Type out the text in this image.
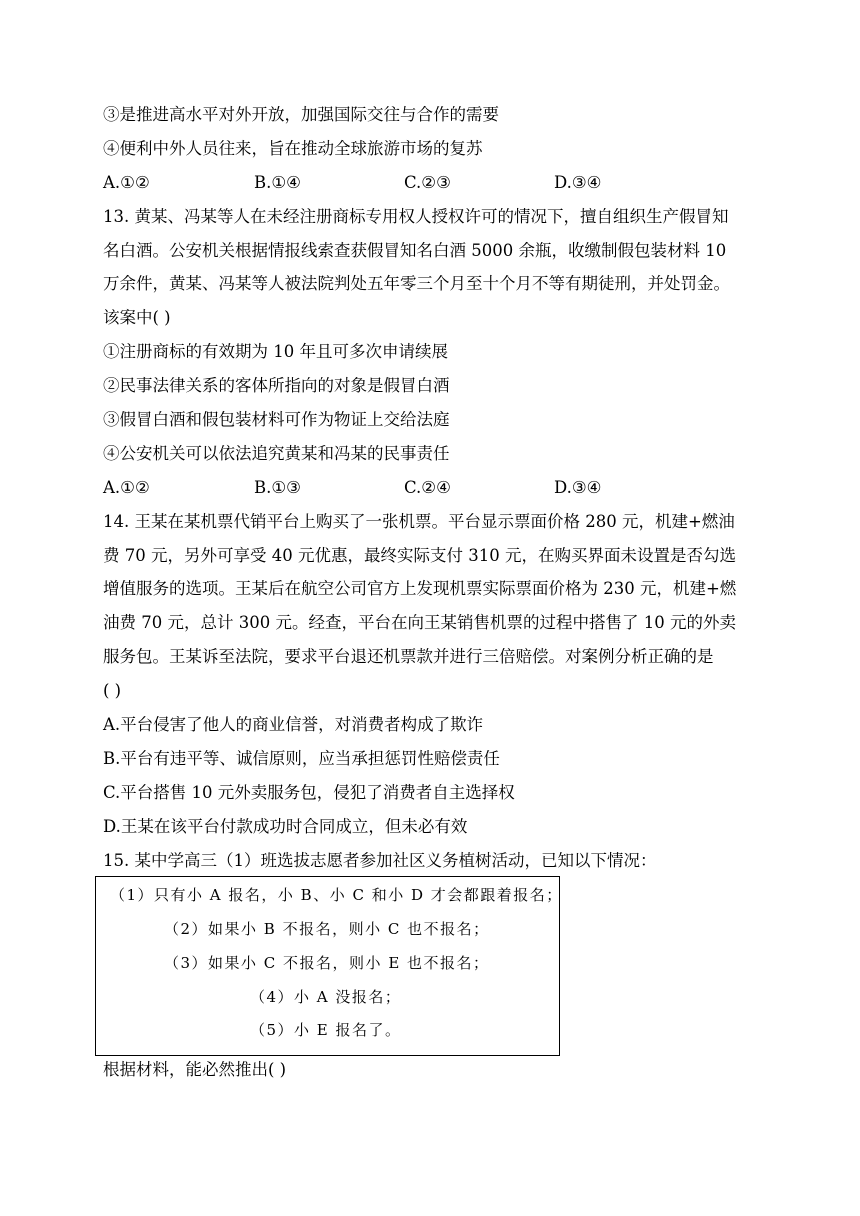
③是推进高水平对外开放，加强国际交往与合作的需要
④便利中外人员往来，旨在推动全球旅游市场的复苏
A.①②	B.①④	C.②③	D.③④
13. 黄某、冯某等人在未经注册商标专用权人授权许可的情况下，擅自组织生产假冒知
名白酒。公安机关根据情报线索查获假冒知名白酒 5000 余瓶，收缴制假包装材料 10
万余件，黄某、冯某等人被法院判处五年零三个月至十个月不等有期徒刑，并处罚金。
该案中( )
①注册商标的有效期为 10 年且可多次申请续展
②民事法律关系的客体所指向的对象是假冒白酒
③假冒白酒和假包装材料可作为物证上交给法庭
④公安机关可以依法追究黄某和冯某的民事责任
A.①②	B.①③	C.②④	D.③④
14. 王某在某机票代销平台上购买了一张机票。平台显示票面价格 280 元，机建+燃油
费 70 元，另外可享受 40 元优惠，最终实际支付 310 元，在购买界面未设置是否勾选
增值服务的选项。王某后在航空公司官方上发现机票实际票面价格为 230 元，机建+燃
油费 70 元，总计 300 元。经查，平台在向王某销售机票的过程中搭售了 10 元的外卖
服务包。王某诉至法院，要求平台退还机票款并进行三倍赔偿。对案例分析正确的是
( )
A.平台侵害了他人的商业信誉，对消费者构成了欺诈
B.平台有违平等、诚信原则，应当承担惩罚性赔偿责任
C.平台搭售 10 元外卖服务包，侵犯了消费者自主选择权
D.王某在该平台付款成功时合同成立，但未必有效
15. 某中学高三（1）班选拔志愿者参加社区义务植树活动，已知以下情况：
（1）只有小 A 报名，小 B、小 C 和小 D 才会都跟着报名；
（2）如果小 B 不报名，则小 C 也不报名；
（3）如果小 C 不报名，则小 E 也不报名；
（4）小 A 没报名；
（5）小 E 报名了。
根据材料，能必然推出( )
